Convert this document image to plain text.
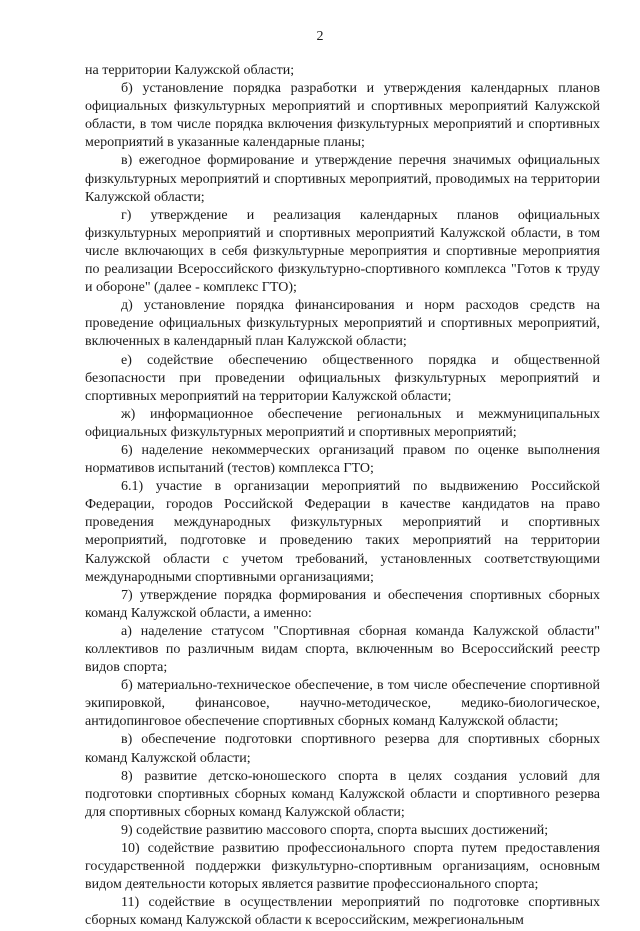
2

на территории Калужской области;

б) установление порядка разработки и утверждения календарных планов официальных физкультурных мероприятий и спортивных мероприятий Калужской области, в том числе порядка включения физкультурных мероприятий и спортивных мероприятий в указанные календарные планы;

в) ежегодное формирование и утверждение перечня значимых официальных физкультурных мероприятий и спортивных мероприятий, проводимых на территории Калужской области;

г) утверждение и реализация календарных планов официальных физкультурных мероприятий и спортивных мероприятий Калужской области, в том числе включающих в себя физкультурные мероприятия и спортивные мероприятия по реализации Всероссийского физкультурно-спортивного комплекса "Готов к труду и обороне" (далее - комплекс ГТО);

д) установление порядка финансирования и норм расходов средств на проведение официальных физкультурных мероприятий и спортивных мероприятий, включенных в календарный план Калужской области;

е) содействие обеспечению общественного порядка и общественной безопасности при проведении официальных физкультурных мероприятий и спортивных мероприятий на территории Калужской области;

ж) информационное обеспечение региональных и межмуниципальных официальных физкультурных мероприятий и спортивных мероприятий;

6) наделение некоммерческих организаций правом по оценке выполнения нормативов испытаний (тестов) комплекса ГТО;

6.1) участие в организации мероприятий по выдвижению Российской Федерации, городов Российской Федерации в качестве кандидатов на право проведения международных физкультурных мероприятий и спортивных мероприятий, подготовке и проведению таких мероприятий на территории Калужской области с учетом требований, установленных соответствующими международными спортивными организациями;

7) утверждение порядка формирования и обеспечения спортивных сборных команд Калужской области, а именно:

а) наделение статусом "Спортивная сборная команда Калужской области" коллективов по различным видам спорта, включенным во Всероссийский реестр видов спорта;

б) материально-техническое обеспечение, в том числе обеспечение спортивной экипировкой, финансовое, научно-методическое, медико-биологическое, антидопинговое обеспечение спортивных сборных команд Калужской области;

в) обеспечение подготовки спортивного резерва для спортивных сборных команд Калужской области;

8) развитие детско-юношеского спорта в целях создания условий для подготовки спортивных сборных команд Калужской области и спортивного резерва для спортивных сборных команд Калужской области;

9) содействие развитию массового спорта, спорта высших достижений;

10) содействие развитию профессионального спорта путем предоставления государственной поддержки физкультурно-спортивным организациям, основным видом деятельности которых является развитие профессионального спорта;

11) содействие в осуществлении мероприятий по подготовке спортивных сборных команд Калужской области к всероссийским, межрегиональным
